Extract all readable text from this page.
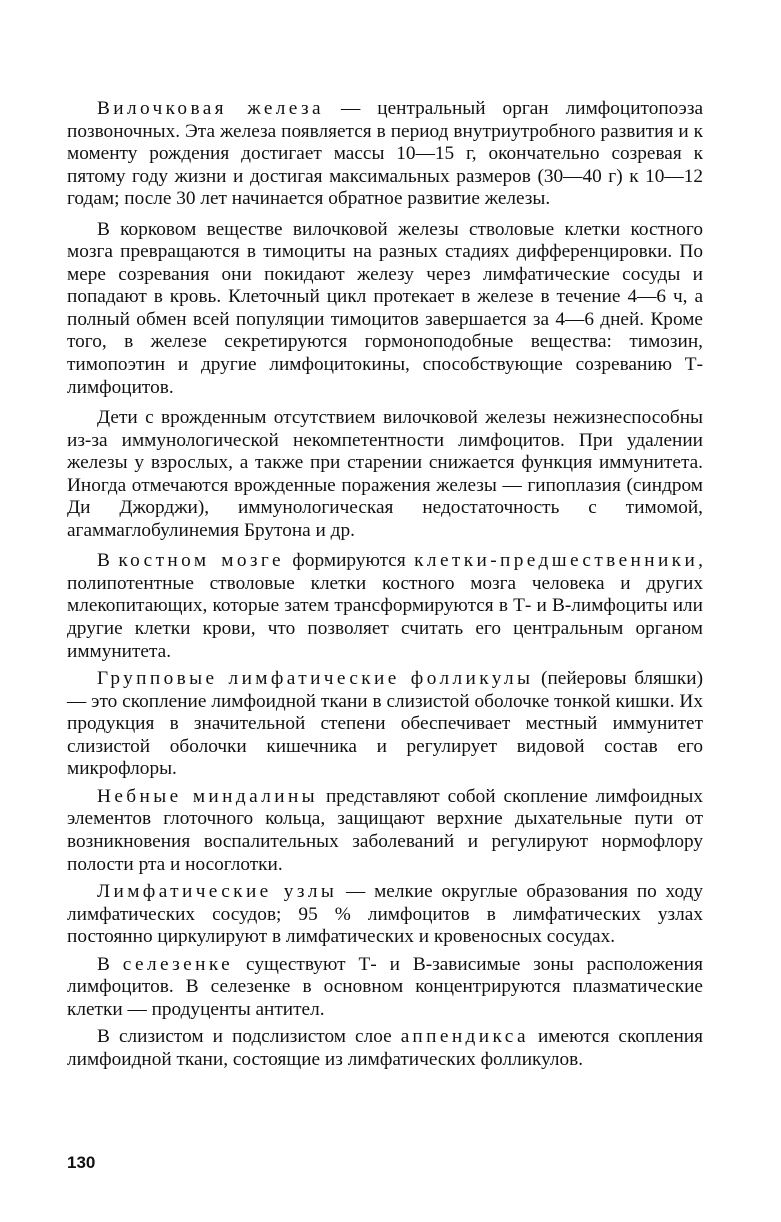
Вилочковая железа — центральный орган лимфоцитопоэза позвоночных. Эта железа появляется в период внутриутробного развития и к моменту рождения достигает массы 10—15 г, окончательно созревая к пятому году жизни и достигая максимальных размеров (30—40 г) к 10—12 годам; после 30 лет начинается обратное развитие железы.

В корковом веществе вилочковой железы стволовые клетки костного мозга превращаются в тимоциты на разных стадиях дифференцировки. По мере созревания они покидают железу через лимфатические сосуды и попадают в кровь. Клеточный цикл протекает в железе в течение 4—6 ч, а полный обмен всей популяции тимоцитов завершается за 4—6 дней. Кроме того, в железе секретируются гормоноподобные вещества: тимозин, тимопоэтин и другие лимфоцитокины, способствующие созреванию Т-лимфоцитов.

Дети с врожденным отсутствием вилочковой железы нежизнеспособны из-за иммунологической некомпетентности лимфоцитов. При удалении железы у взрослых, а также при старении снижается функция иммунитета. Иногда отмечаются врожденные поражения железы — гипоплазия (синдром Ди Джорджи), иммунологическая недостаточность с тимомой, агаммаглобулинемия Брутона и др.

В костном мозге формируются клетки-предшественники, полипотентные стволовые клетки костного мозга человека и других млекопитающих, которые затем трансформируются в Т- и В-лимфоциты или другие клетки крови, что позволяет считать его центральным органом иммунитета.

Групповые лимфатические фолликулы (пейеровы бляшки) — это скопление лимфоидной ткани в слизистой оболочке тонкой кишки. Их продукция в значительной степени обеспечивает местный иммунитет слизистой оболочки кишечника и регулирует видовой состав его микрофлоры.

Небные миндалины представляют собой скопление лимфоидных элементов глоточного кольца, защищают верхние дыхательные пути от возникновения воспалительных заболеваний и регулируют нормофлору полости рта и носоглотки.

Лимфатические узлы — мелкие округлые образования по ходу лимфатических сосудов; 95 % лимфоцитов в лимфатических узлах постоянно циркулируют в лимфатических и кровеносных сосудах.

В селезенке существуют Т- и В-зависимые зоны расположения лимфоцитов. В селезенке в основном концентрируются плазматические клетки — продуценты антител.

В слизистом и подслизистом слое аппендикса имеются скопления лимфоидной ткани, состоящие из лимфатических фолликулов.

130
